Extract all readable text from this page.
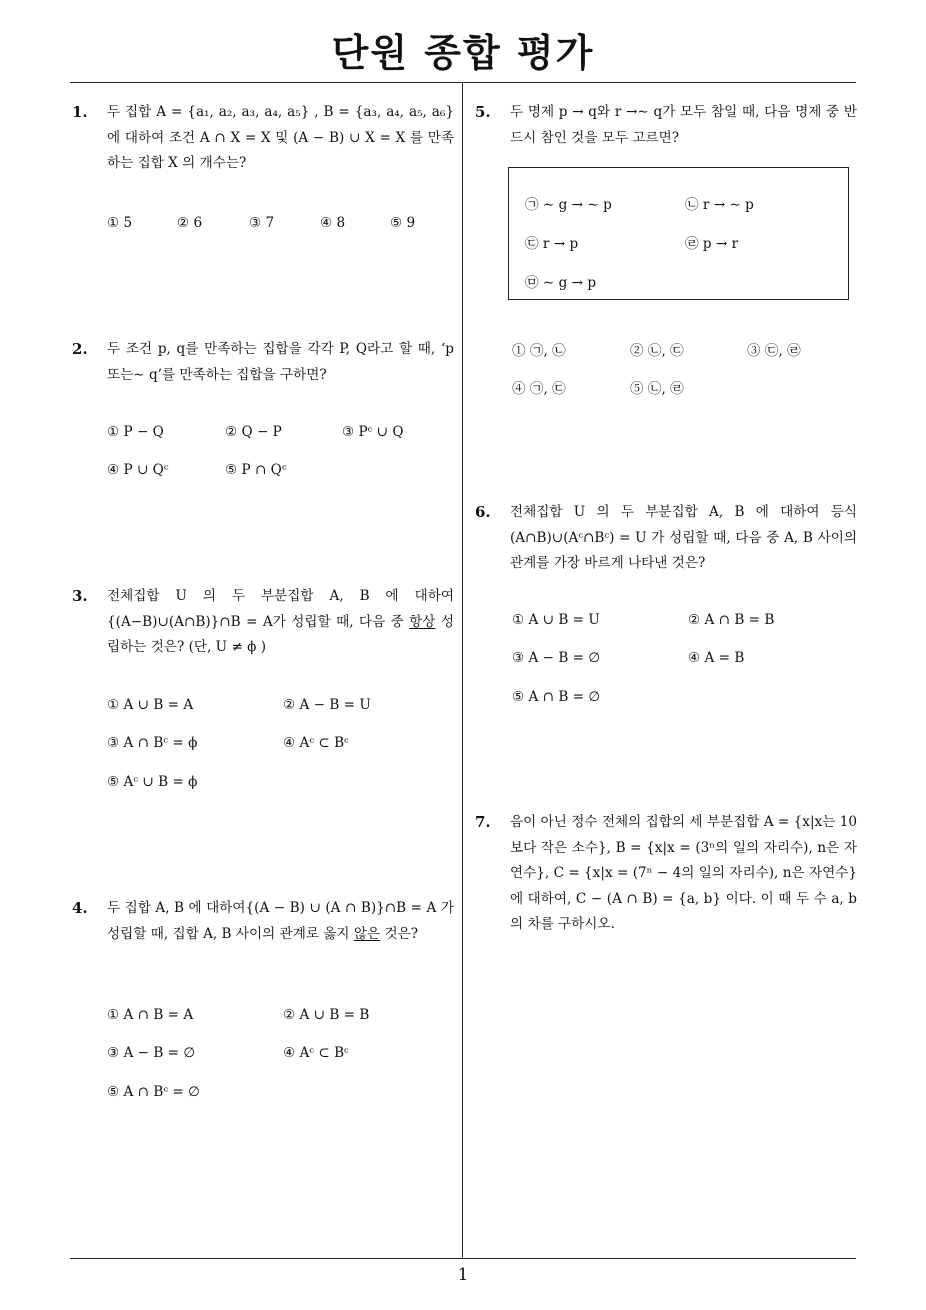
단원 종합 평가
1. 두 집합 A = {a₁, a₂, a₃, a₄, a₅} , B = {a₃, a₄, a₅, a₆} 에 대하여 조건 A ∩ X = X 및 (A − B) ∪ X = X 를 만족하는 집합 X 의 개수는?
① 5	② 6	③ 7	④ 8	⑤ 9
2. 두 조건 p, q를 만족하는 집합을 각각 P, Q라고 할 때, ‘p 또는∼ q’를 만족하는 집합을 구하면?
① P − Q	② Q − P	③ Pᶜ ∪ Q
④ P ∪ Qᶜ	⑤ P ∩ Qᶜ
3. 전체집합 U 의 두 부분집합 A, B 에 대하여{(A−B)∪(A∩B)}∩B = A가 성립할 때, 다음 중 항상 성립하는 것은? (단, U ≠ ϕ )
① A ∪ B = A	② A − B = U
③ A ∩ Bᶜ = ϕ	④ Aᶜ ⊂ Bᶜ
⑤ Aᶜ ∪ B = ϕ
4. 두 집합 A, B 에 대하여{(A − B) ∪ (A ∩ B)}∩B = A 가 성립할 때, 집합 A, B 사이의 관계로 옳지 않은 것은?
① A ∩ B = A	② A ∪ B = B
③ A − B = ∅	④ Aᶜ ⊂ Bᶜ
⑤ A ∩ Bᶜ = ∅
5. 두 명제 p → q와 r →∼ q가 모두 참일 때, 다음 명제 중 반드시 참인 것을 모두 고르면?
㉠ ∼ g → ∼ p	㉡ r → ∼ p
㉢ r → p	㉣ p → r
㉤ ∼ g → p
① ㉠, ㉡	② ㉡, ㉢	③ ㉢, ㉣
④ ㉠, ㉢	⑤ ㉡, ㉣
6. 전체집합 U 의 두 부분집합 A, B 에 대하여 등식 (A∩B)∪(Aᶜ∩Bᶜ) = U 가 성립할 때, 다음 중 A, B 사이의 관계를 가장 바르게 나타낸 것은?
① A ∪ B = U	② A ∩ B = B
③ A − B = ∅	④ A = B
⑤ A ∩ B = ∅
7. 음이 아닌 정수 전체의 집합의 세 부분집합 A = {x|x는 10보다 작은 소수}, B = {x|x = (3ⁿ의 일의 자리수), n은 자연수}, C = {x|x = (7ⁿ − 4의 일의 자리수), n은 자연수}에 대하여, C − (A ∩ B) = {a, b} 이다. 이 때 두 수 a, b의 차를 구하시오.
1
